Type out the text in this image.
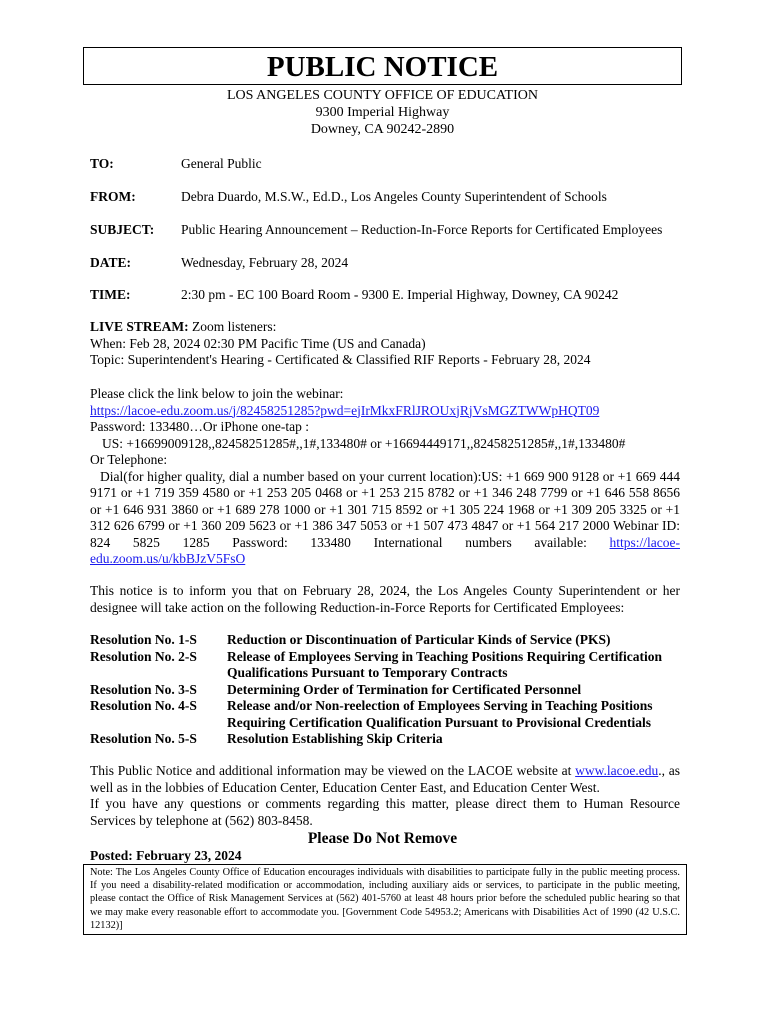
PUBLIC NOTICE
LOS ANGELES COUNTY OFFICE OF EDUCATION
9300 Imperial Highway
Downey, CA 90242-2890
TO:	General Public
FROM:	Debra Duardo, M.S.W., Ed.D., Los Angeles County Superintendent of Schools
SUBJECT: Public Hearing Announcement – Reduction-In-Force Reports for Certificated Employees
DATE:	Wednesday, February 28, 2024
TIME:	2:30 pm - EC 100 Board Room - 9300 E. Imperial Highway, Downey, CA 90242

LIVE STREAM: Zoom listeners:

When: Feb 28, 2024 02:30 PM Pacific Time (US and Canada)

Topic: Superintendent's Hearing - Certificated & Classified RIF Reports - February 28, 2024

Please click the link below to join the webinar:

https://lacoe-edu.zoom.us/j/82458251285?pwd=ejIrMkxFRlJROUxjRjVsMGZTWWpHQT09

Password: 133480…Or iPhone one-tap :

US: +16699009128,,82458251285#,,1#,133480# or +16694449171,,82458251285#,,1#,133480#

Or Telephone:

Dial(for higher quality, dial a number based on your current location):US: +1 669 900 9128 or +1 669 444 9171 or +1 719 359 4580 or +1 253 205 0468 or +1 253 215 8782 or +1 346 248 7799 or +1 646 558 8656 or +1 646 931 3860 or +1 689 278 1000 or +1 301 715 8592 or +1 305 224 1968 or +1 309 205 3325 or +1 312 626 6799 or +1 360 209 5623 or +1 386 347 5053 or +1 507 473 4847 or +1 564 217 2000 Webinar ID: 824 5825 1285 Password: 133480 International numbers available: https://lacoe-edu.zoom.us/u/kbBJzV5FsO

This notice is to inform you that on February 28, 2024, the Los Angeles County Superintendent or her designee will take action on the following Reduction-in-Force Reports for Certificated Employees:
Resolution No. 1-S	Reduction or Discontinuation of Particular Kinds of Service (PKS)
Resolution No. 2-S	Release of Employees Serving in Teaching Positions Requiring Certification Qualifications Pursuant to Temporary Contracts
Resolution No. 3-S	Determining Order of Termination for Certificated Personnel
Resolution No. 4-S	Release and/or Non-reelection of Employees Serving in Teaching Positions Requiring Certification Qualification Pursuant to Provisional Credentials
Resolution No. 5-S	Resolution Establishing Skip Criteria

This Public Notice and additional information may be viewed on the LACOE website at www.lacoe.edu., as well as in the lobbies of Education Center, Education Center East, and Education Center West.

If you have any questions or comments regarding this matter, please direct them to Human Resource Services by telephone at (562) 803-8458.

Please Do Not Remove
Posted: February 23, 2024
Note: The Los Angeles County Office of Education encourages individuals with disabilities to participate fully in the public meeting process. If you need a disability-related modification or accommodation, including auxiliary aids or services, to participate in the public meeting, please contact the Office of Risk Management Services at (562) 401-5760 at least 48 hours prior before the scheduled public hearing so that we may make every reasonable effort to accommodate you. [Government Code 54953.2; Americans with Disabilities Act of 1990 (42 U.S.C. 12132)]
